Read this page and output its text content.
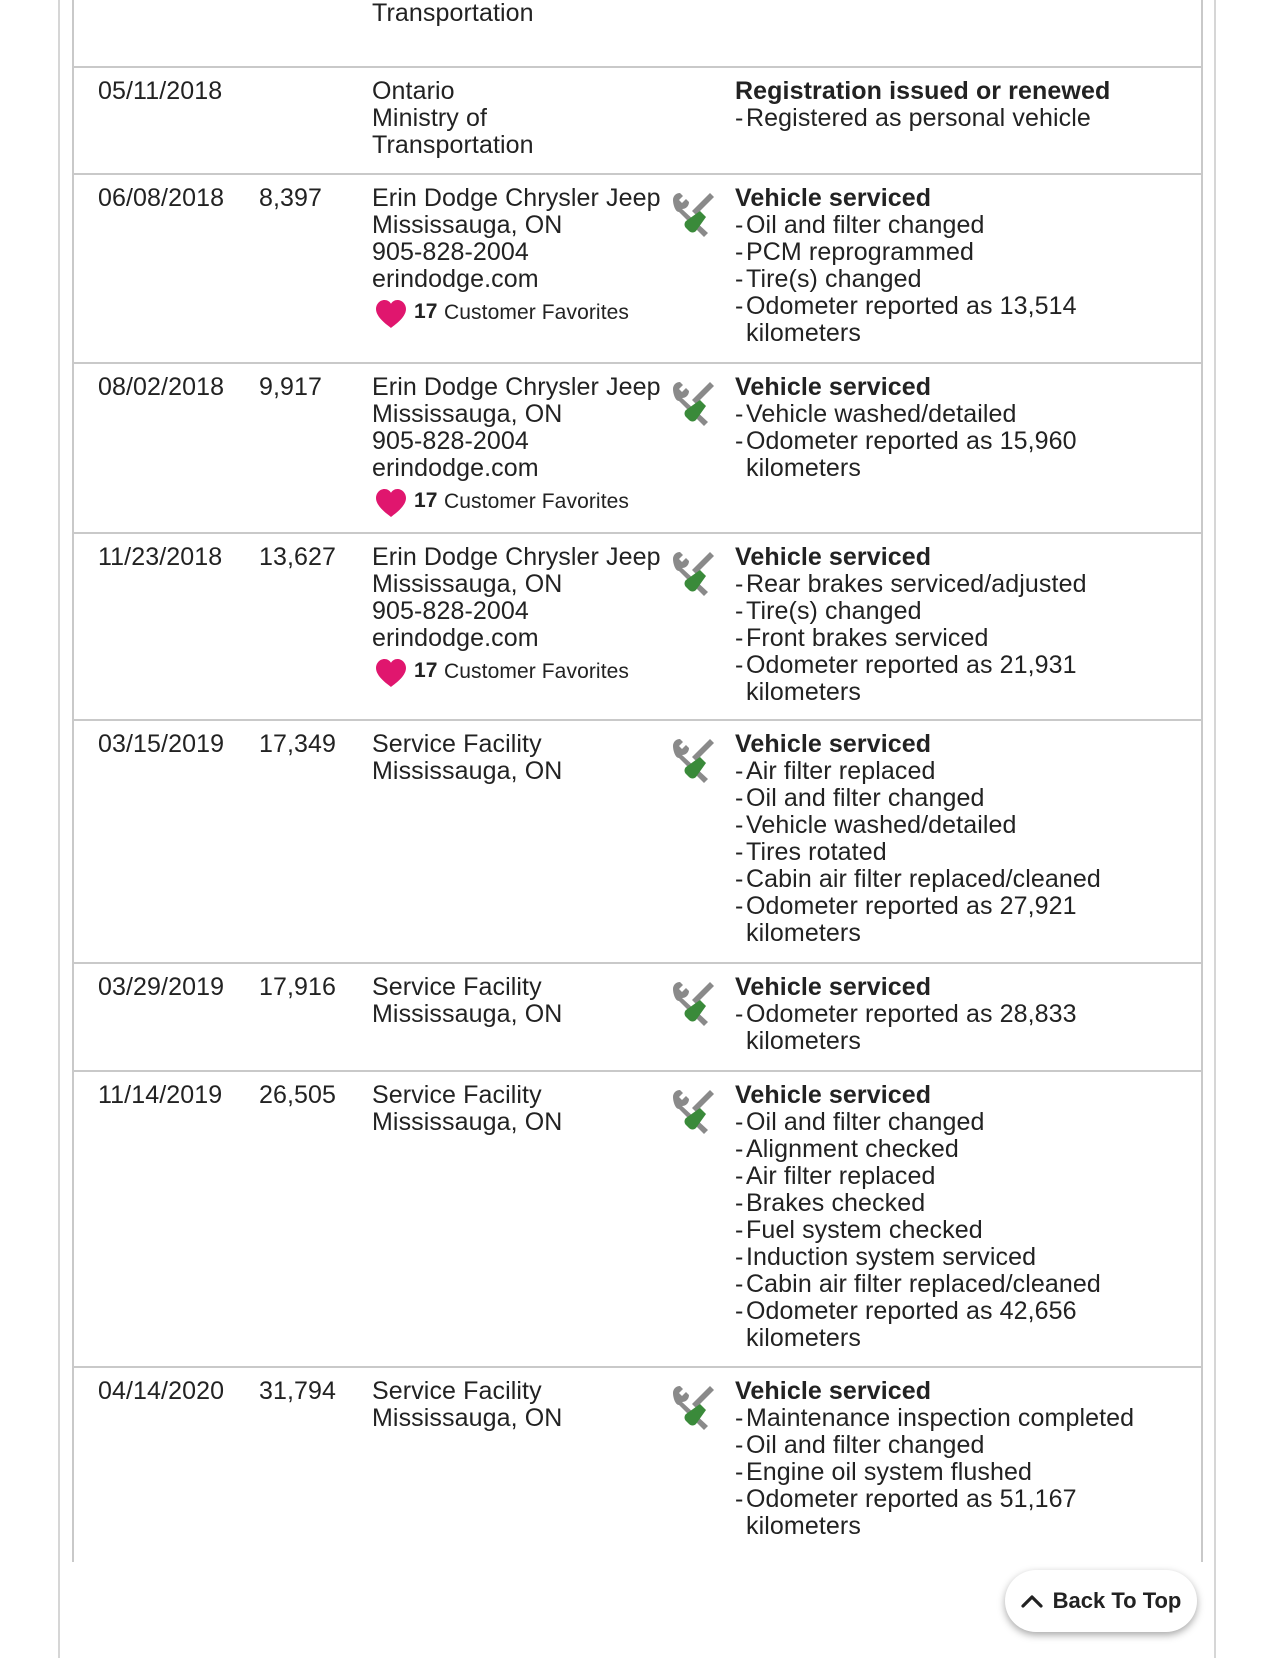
Transportation
05/11/2018	Ontario
Ministry of
Transportation
Registration issued or renewed
- Registered as personal vehicle
06/08/2018 8,397 Erin Dodge Chrysler Jeep
Mississauga, ON
905-828-2004
erindodge.com
17 Customer Favorites
Vehicle serviced
- Oil and filter changed
- PCM reprogrammed
- Tire(s) changed
- Odometer reported as 13,514 kilometers
08/02/2018 9,917 Erin Dodge Chrysler Jeep
Mississauga, ON
905-828-2004
erindodge.com
17 Customer Favorites
Vehicle serviced
- Vehicle washed/detailed
- Odometer reported as 15,960 kilometers
11/23/2018 13,627 Erin Dodge Chrysler Jeep
Mississauga, ON
905-828-2004
erindodge.com
17 Customer Favorites
Vehicle serviced
- Rear brakes serviced/adjusted
- Tire(s) changed
- Front brakes serviced
- Odometer reported as 21,931 kilometers
03/15/2019 17,349 Service Facility
Mississauga, ON
Vehicle serviced
- Air filter replaced
- Oil and filter changed
- Vehicle washed/detailed
- Tires rotated
- Cabin air filter replaced/cleaned
- Odometer reported as 27,921 kilometers
03/29/2019 17,916 Service Facility
Mississauga, ON
Vehicle serviced
- Odometer reported as 28,833 kilometers
11/14/2019 26,505 Service Facility
Mississauga, ON
Vehicle serviced
- Oil and filter changed
- Alignment checked
- Air filter replaced
- Brakes checked
- Fuel system checked
- Induction system serviced
- Cabin air filter replaced/cleaned
- Odometer reported as 42,656 kilometers
04/14/2020 31,794 Service Facility
Mississauga, ON
Vehicle serviced
- Maintenance inspection completed
- Oil and filter changed
- Engine oil system flushed
- Odometer reported as 51,167 kilometers
Back To Top
